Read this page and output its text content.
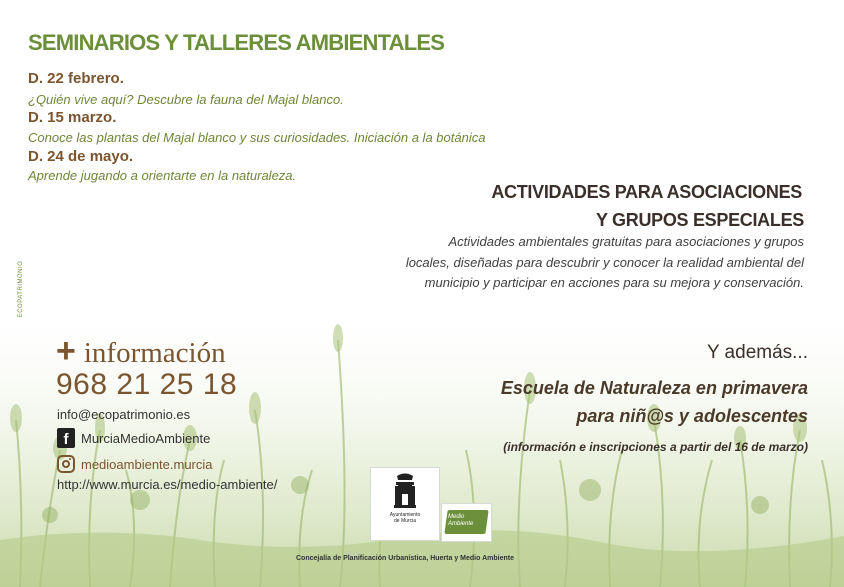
SEMINARIOS Y TALLERES AMBIENTALES
D. 22 febrero.
¿Quién vive aquí? Descubre la fauna del Majal blanco.
D. 15 marzo.
Conoce las plantas del Majal blanco y sus curiosidades. Iniciación a la botánica
D. 24 de mayo.
Aprende jugando a orientarte en la naturaleza.
ACTIVIDADES PARA ASOCIACIONES
Y GRUPOS ESPECIALES
Actividades ambientales gratuitas para asociaciones y grupos
locales, diseñadas para descubrir y conocer la realidad ambiental del
municipio y participar en acciones para su mejora y conservación.
ECOPATRIMONIO
+ información
968 21 25 18
info@ecopatrimonio.es
f MurciaMedioAmbiente
medioambiente.murcia
http://www.murcia.es/medio-ambiente/
Y además...
Escuela de Naturaleza en primavera
para niñ@s y adolescentes
(información e inscripciones a partir del 16 de marzo)
Ayuntamiento
de Murcia
Medio
Ambiente
Concejalía de Planificación Urbanística, Huerta y Medio Ambiente
